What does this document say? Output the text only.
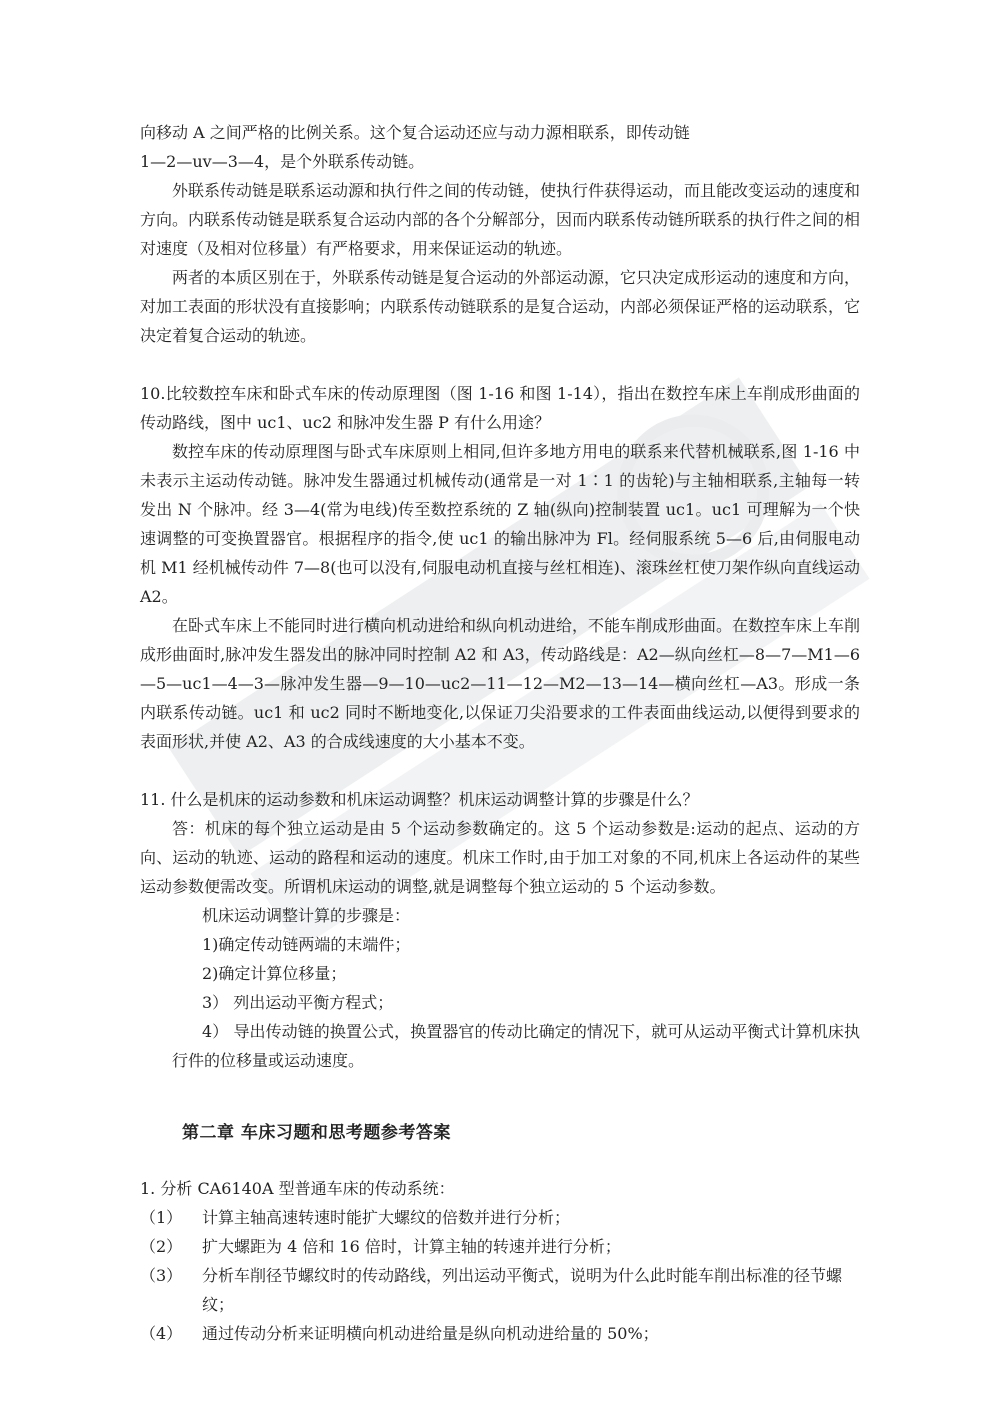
向移动 A 之间严格的比例关系。这个复合运动还应与动力源相联系，即传动链

1—2—uv—3—4，是个外联系传动链。

外联系传动链是联系运动源和执行件之间的传动链，使执行件获得运动，而且能改变运动的速度和方向。内联系传动链是联系复合运动内部的各个分解部分，因而内联系传动链所联系的执行件之间的相对速度（及相对位移量）有严格要求，用来保证运动的轨迹。

两者的本质区别在于，外联系传动链是复合运动的外部运动源，它只决定成形运动的速度和方向，对加工表面的形状没有直接影响；内联系传动链联系的是复合运动，内部必须保证严格的运动联系，它决定着复合运动的轨迹。

10.比较数控车床和卧式车床的传动原理图（图 1-16 和图 1-14），指出在数控车床上车削成形曲面的传动路线，图中 uc1、uc2 和脉冲发生器 P 有什么用途？

数控车床的传动原理图与卧式车床原则上相同,但许多地方用电的联系来代替机械联系,图 1-16 中未表示主运动传动链。脉冲发生器通过机械传动(通常是一对 1∶1 的齿轮)与主轴相联系,主轴每一转发出 N 个脉冲。经 3—4(常为电线)传至数控系统的 Z 轴(纵向)控制装置 uc1。uc1 可理解为一个快速调整的可变换置器官。根据程序的指令,使 uc1 的输出脉冲为 Fl。经伺服系统 5—6 后,由伺服电动机 M1 经机械传动件 7—8(也可以没有,伺服电动机直接与丝杠相连)、滚珠丝杠使刀架作纵向直线运动 A2。

在卧式车床上不能同时进行横向机动进给和纵向机动进给，不能车削成形曲面。在数控车床上车削成形曲面时,脉冲发生器发出的脉冲同时控制 A2 和 A3，传动路线是：A2—纵向丝杠—8—7—M1—6—5—uc1—4—3—脉冲发生器—9—10—uc2—11—12—M2—13—14—横向丝杠—A3。形成一条内联系传动链。uc1 和 uc2 同时不断地变化,以保证刀尖沿要求的工件表面曲线运动,以便得到要求的表面形状,并使 A2、A3 的合成线速度的大小基本不变。

11. 什么是机床的运动参数和机床运动调整？机床运动调整计算的步骤是什么？

答：机床的每个独立运动是由 5 个运动参数确定的。这 5 个运动参数是:运动的起点、运动的方向、运动的轨迹、运动的路程和运动的速度。机床工作时,由于加工对象的不同,机床上各运动件的某些运动参数便需改变。所谓机床运动的调整,就是调整每个独立运动的 5 个运动参数。

机床运动调整计算的步骤是：

1)确定传动链两端的末端件；

2)确定计算位移量；

3） 列出运动平衡方程式；

4） 导出传动链的换置公式，换置器官的传动比确定的情况下，就可从运动平衡式计算机床执行件的位移量或运动速度。

第二章 车床习题和思考题参考答案

1. 分析 CA6140A 型普通车床的传动系统：

（1）	计算主轴高速转速时能扩大螺纹的倍数并进行分析；
（2）	扩大螺距为 4 倍和 16 倍时，计算主轴的转速并进行分析；
（3）	分析车削径节螺纹时的传动路线，列出运动平衡式，说明为什么此时能车削出标准的径节螺纹；
（4）	通过传动分析来证明横向机动进给量是纵向机动进给量的 50%；
